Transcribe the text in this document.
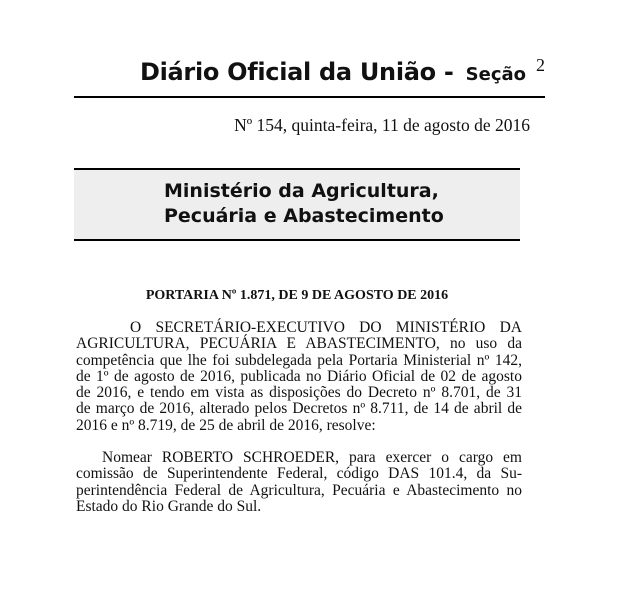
Diário Oficial da União - Seção 2
Nº 154, quinta-feira, 11 de agosto de 2016
Ministério da Agricultura,
Pecuária e Abastecimento
PORTARIA Nº 1.871, DE 9 DE AGOSTO DE 2016
O SECRETÁRIO-EXECUTIVO DO MINISTÉRIO DA
AGRICULTURA, PECUÁRIA E ABASTECIMENTO, no uso da
competência que lhe foi subdelegada pela Portaria Ministerial nº 142,
de 1º de agosto de 2016, publicada no Diário Oficial de 02 de agosto
de 2016, e tendo em vista as disposições do Decreto nº 8.701, de 31
de março de 2016, alterado pelos Decretos nº 8.711, de 14 de abril de
2016 e nº 8.719, de 25 de abril de 2016, resolve:
Nomear ROBERTO SCHROEDER, para exercer o cargo em
comissão de Superintendente Federal, código DAS 101.4, da Su-
perintendência Federal de Agricultura, Pecuária e Abastecimento no
Estado do Rio Grande do Sul.
